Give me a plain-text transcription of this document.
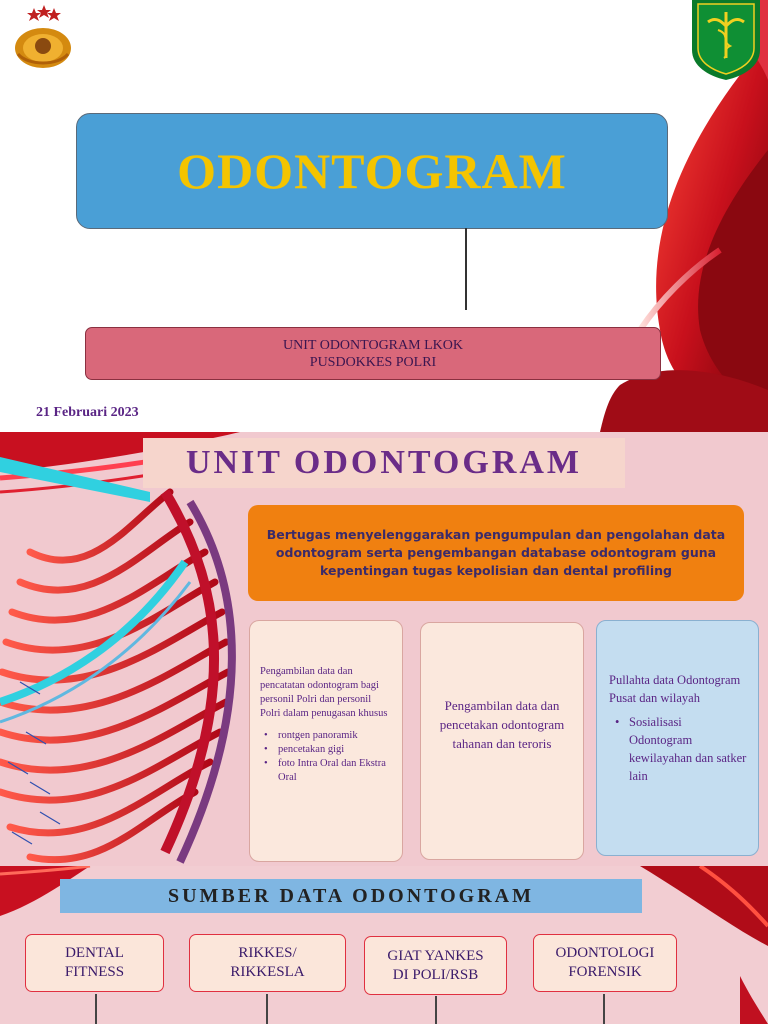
ODONTOGRAM
UNIT ODONTOGRAM LKOK
PUSDOKKES POLRI
21 Februari 2023
UNIT ODONTOGRAM
Bertugas menyelenggarakan pengumpulan dan pengolahan data odontogram serta pengembangan database odontogram guna kepentingan tugas kepolisian dan dental profiling
Pengambilan data dan pencatatan odontogram bagi personil Polri dan personil Polri dalam penugasan khusus
• rontgen panoramik
• pencetakan gigi
• foto Intra Oral dan Ekstra Oral
Pengambilan data dan pencetakan odontogram tahanan dan teroris
Pullahta data Odontogram Pusat dan wilayah
• Sosialisasi Odontogram kewilayahan dan satker lain
SUMBER DATA ODONTOGRAM
DENTAL
FITNESS
RIKKES/
RIKKESLA
GIAT YANKES
DI POLI/RSB
ODONTOLOGI
FORENSIK
